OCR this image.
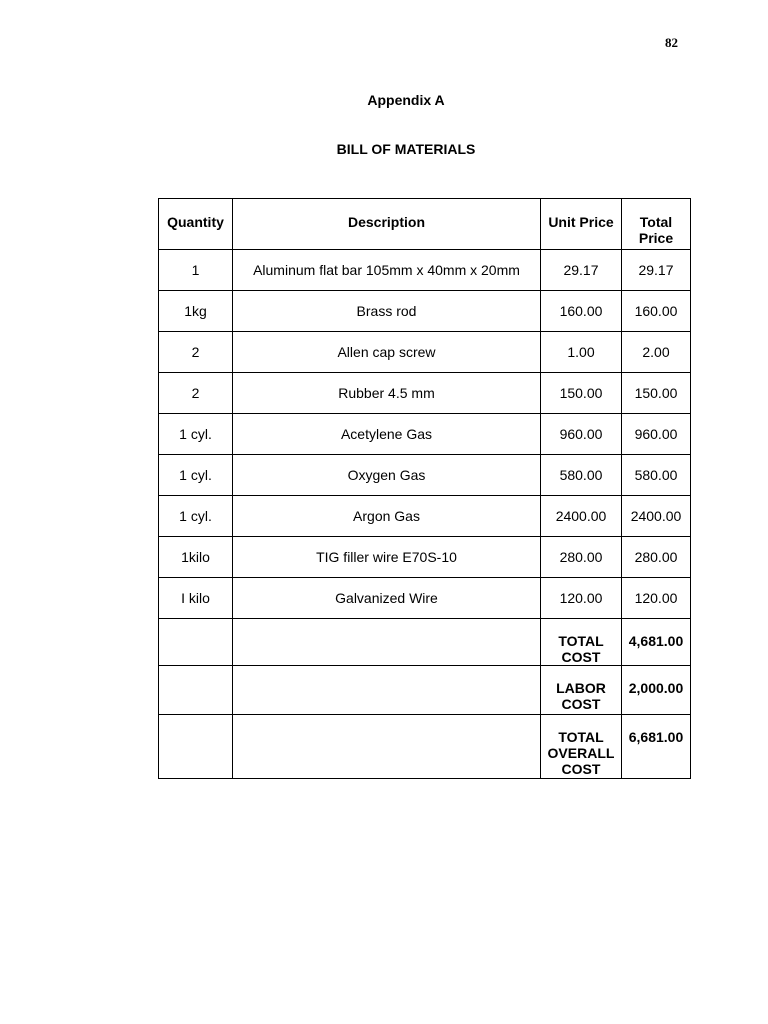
82
Appendix A
BILL OF MATERIALS
Quantity	Description	Unit Price	Total Price
1	Aluminum flat bar 105mm x 40mm x 20mm	29.17	29.17
1kg	Brass rod	160.00	160.00
2	Allen cap screw	1.00	2.00
2	Rubber 4.5 mm	150.00	150.00
1 cyl.	Acetylene Gas	960.00	960.00
1 cyl.	Oxygen Gas	580.00	580.00
1 cyl.	Argon Gas	2400.00	2400.00
1kilo	TIG filler wire E70S-10	280.00	280.00
I kilo	Galvanized Wire	120.00	120.00
		TOTAL COST	4,681.00
		LABOR COST	2,000.00
		TOTAL OVERALL COST	6,681.00
